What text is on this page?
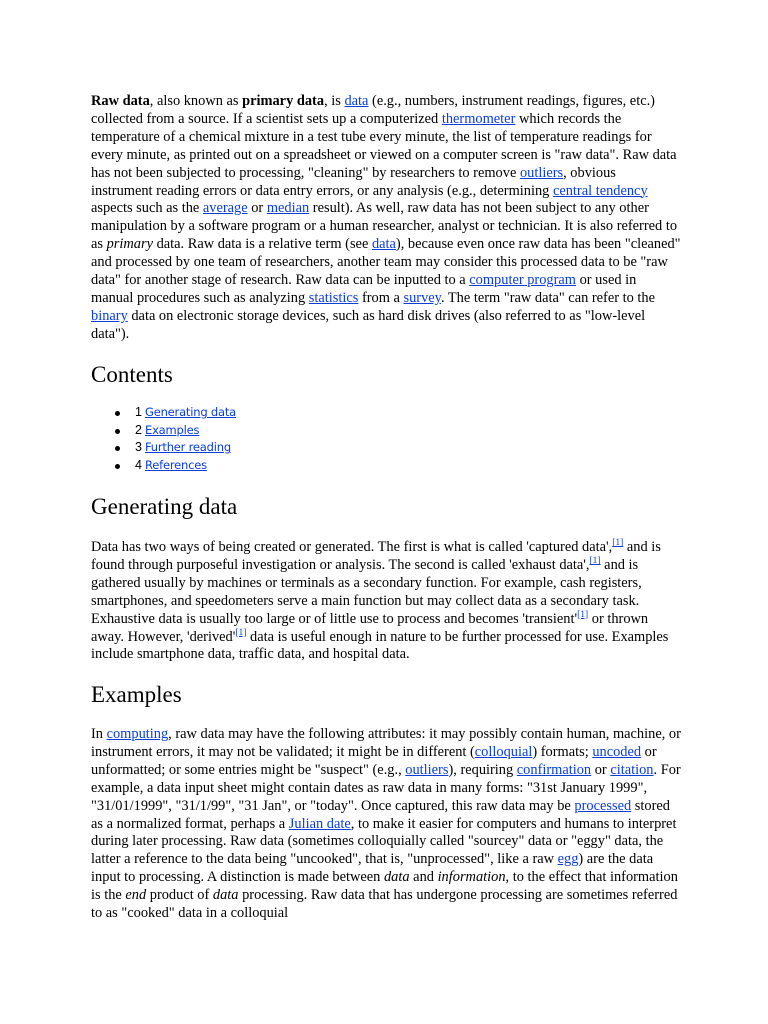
Raw data, also known as primary data, is data (e.g., numbers, instrument readings, figures, etc.) collected from a source. If a scientist sets up a computerized thermometer which records the temperature of a chemical mixture in a test tube every minute, the list of temperature readings for every minute, as printed out on a spreadsheet or viewed on a computer screen is "raw data". Raw data has not been subjected to processing, "cleaning" by researchers to remove outliers, obvious instrument reading errors or data entry errors, or any analysis (e.g., determining central tendency aspects such as the average or median result). As well, raw data has not been subject to any other manipulation by a software program or a human researcher, analyst or technician. It is also referred to as primary data. Raw data is a relative term (see data), because even once raw data has been "cleaned" and processed by one team of researchers, another team may consider this processed data to be "raw data" for another stage of research. Raw data can be inputted to a computer program or used in manual procedures such as analyzing statistics from a survey. The term "raw data" can refer to the binary data on electronic storage devices, such as hard disk drives (also referred to as "low-level data").

Contents
1 Generating data
2 Examples
3 Further reading
4 References
Generating data

Data has two ways of being created or generated. The first is what is called 'captured data',[1] and is found through purposeful investigation or analysis. The second is called 'exhaust data',[1] and is gathered usually by machines or terminals as a secondary function. For example, cash registers, smartphones, and speedometers serve a main function but may collect data as a secondary task. Exhaustive data is usually too large or of little use to process and becomes 'transient'[1] or thrown away. However, 'derived'[1] data is useful enough in nature to be further processed for use. Examples include smartphone data, traffic data, and hospital data.

Examples

In computing, raw data may have the following attributes: it may possibly contain human, machine, or instrument errors, it may not be validated; it might be in different (colloquial) formats; uncoded or unformatted; or some entries might be "suspect" (e.g., outliers), requiring confirmation or citation. For example, a data input sheet might contain dates as raw data in many forms: "31st January 1999", "31/01/1999", "31/1/99", "31 Jan", or "today". Once captured, this raw data may be processed stored as a normalized format, perhaps a Julian date, to make it easier for computers and humans to interpret during later processing. Raw data (sometimes colloquially called "sourcey" data or "eggy" data, the latter a reference to the data being "uncooked", that is, "unprocessed", like a raw egg) are the data input to processing. A distinction is made between data and information, to the effect that information is the end product of data processing. Raw data that has undergone processing are sometimes referred to as "cooked" data in a colloquial
